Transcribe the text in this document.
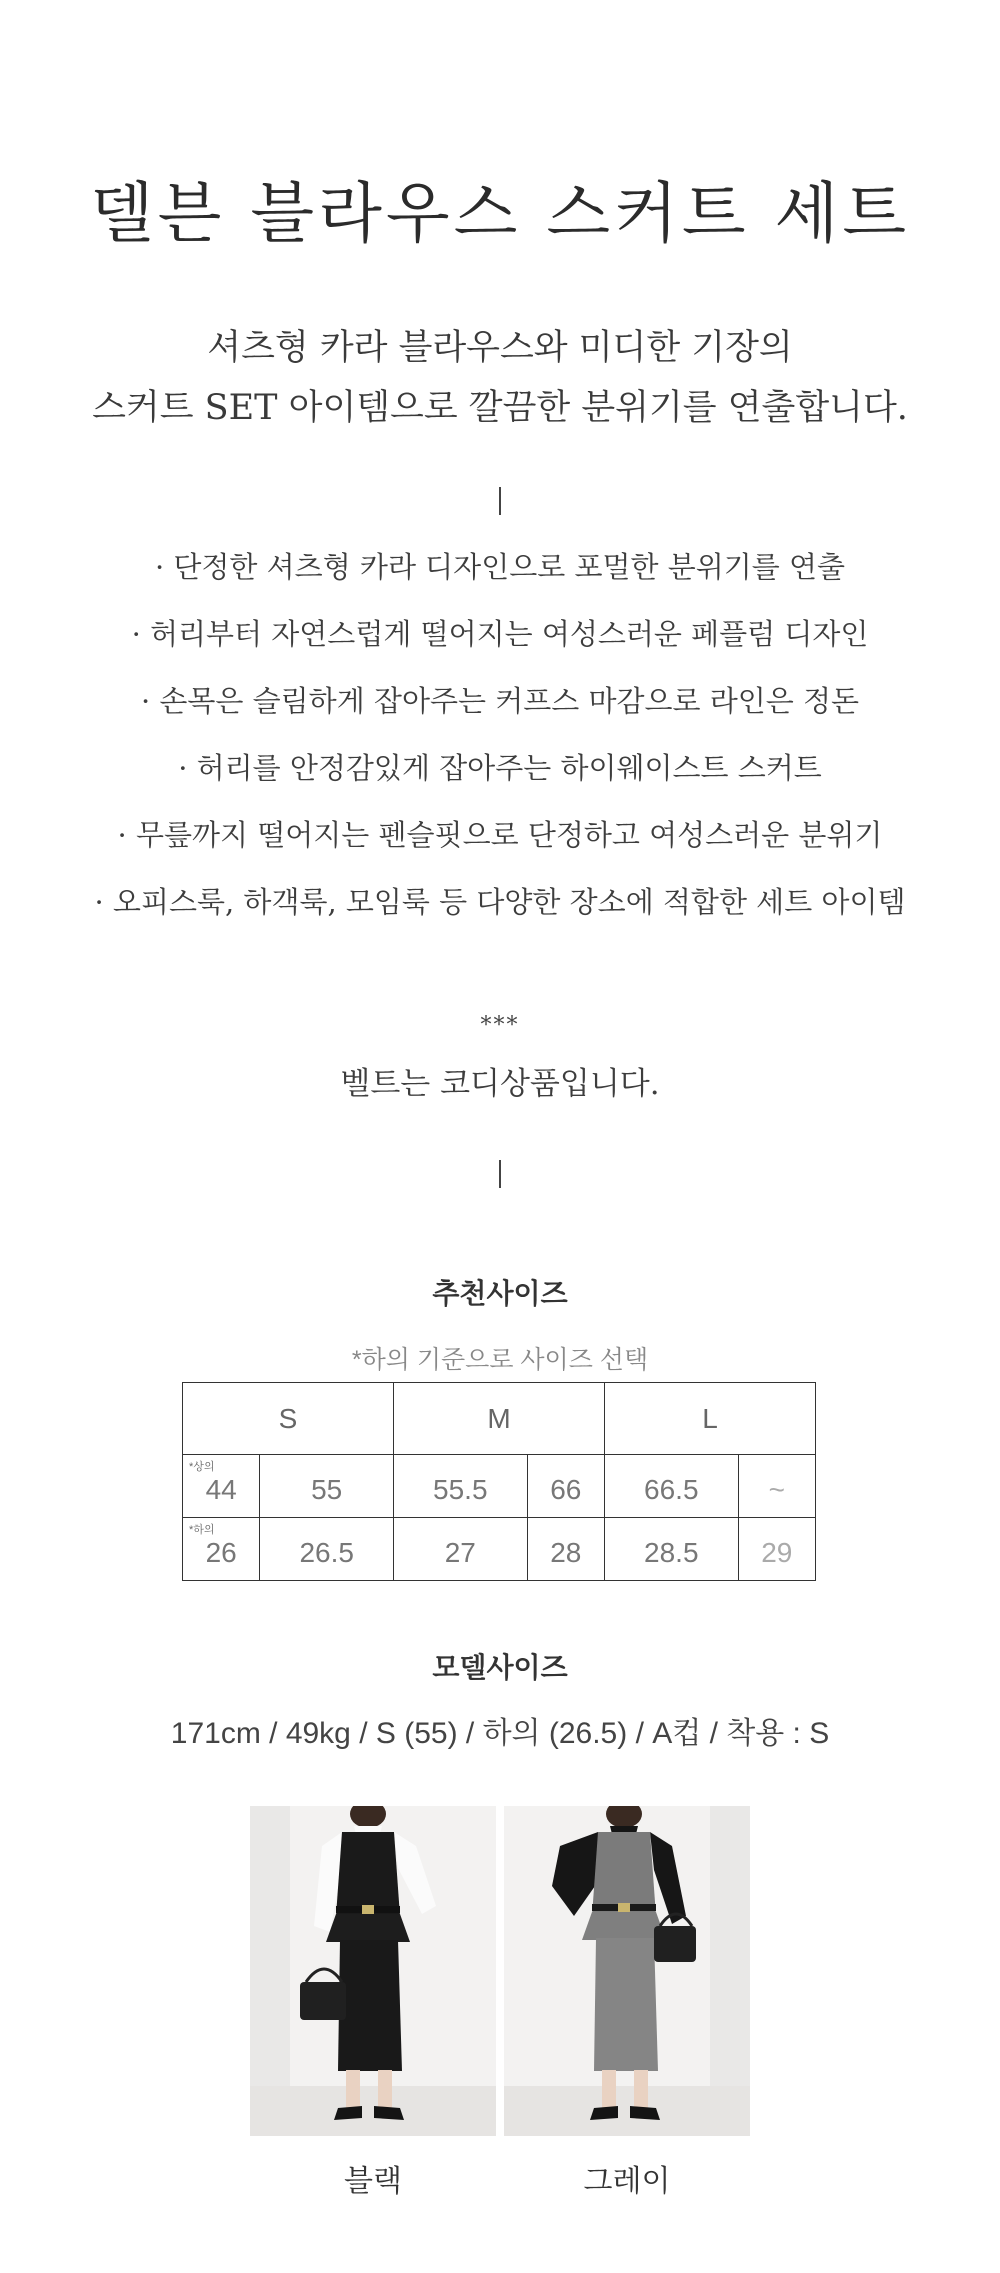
델븐 블라우스 스커트 세트
셔츠형 카라 블라우스와 미디한 기장의
스커트 SET 아이템으로 깔끔한 분위기를 연출합니다.
· 단정한 셔츠형 카라 디자인으로 포멀한 분위기를 연출
· 허리부터 자연스럽게 떨어지는 여성스러운 페플럼 디자인
· 손목은 슬림하게 잡아주는 커프스 마감으로 라인은 정돈
· 허리를 안정감있게 잡아주는 하이웨이스트 스커트
· 무릎까지 떨어지는 펜슬핏으로 단정하고 여성스러운 분위기
· 오피스룩, 하객룩, 모임룩 등 다양한 장소에 적합한 세트 아이템
***
벨트는 코디상품입니다.
추천사이즈
*하의 기준으로 사이즈 선택
S		M		L	

*상의
44	55	55.5	66	66.5	~

*하의
26	26.5	27	28	28.5	29
모델사이즈
171cm / 49kg / S (55) / 하의 (26.5) / A컵 / 착용 : S
블랙	그레이
